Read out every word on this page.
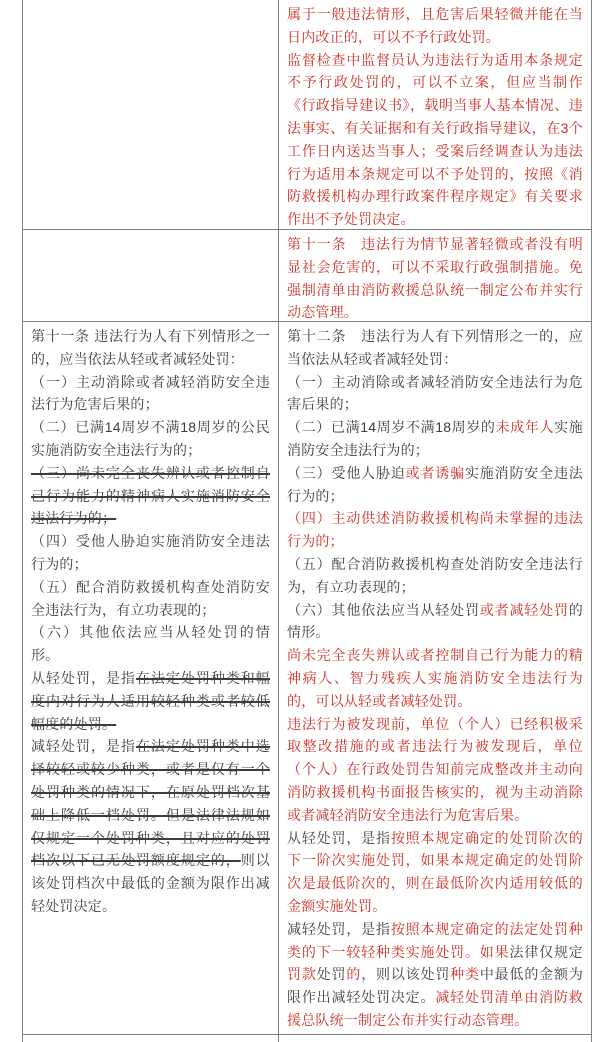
属于一般违法情形，且危害后果轻微并能在当日内改正的，可以不予行政处罚。

监督检查中监督员认为违法行为适用本条规定不予行政处罚的，可以不立案，但应当制作《行政指导建议书》，载明当事人基本情况、违法事实、有关证据和有关行政指导建议，在3个工作日内送达当事人；受案后经调查认为违法行为适用本条规定可以不予处罚的，按照《消防救援机构办理行政案件程序规定》有关要求作出不予处罚决定。

第十一条　违法行为情节显著轻微或者没有明显社会危害的，可以不采取行政强制措施。免强制清单由消防救援总队统一制定公布并实行动态管理。

第十一条 违法行为人有下列情形之一的，应当依法从轻或者减轻处罚：

（一）主动消除或者减轻消防安全违法行为危害后果的；

（二）已满14周岁不满18周岁的公民实施消防安全违法行为的；

（三）尚未完全丧失辨认或者控制自己行为能力的精神病人实施消防安全违法行为的；

（四）受他人胁迫实施消防安全违法行为的；

（五）配合消防救援机构查处消防安全违法行为，有立功表现的；

（六）其他依法应当从轻处罚的情形。

从轻处罚，是指在法定处罚种类和幅度内对行为人适用较轻种类或者较低幅度的处罚。

减轻处罚，是指在法定处罚种类中选择较轻或较少种类，或者是仅有一个处罚种类的情况下，在原处罚档次基础上降低一档处罚。但是法律法规如仅规定一个处罚种类，且对应的处罚档次以下已无处罚额度规定的，则以该处罚档次中最低的金额为限作出减轻处罚决定。

第十二条　违法行为人有下列情形之一的，应当依法从轻或者减轻处罚：

（一）主动消除或者减轻消防安全违法行为危害后果的；

（二）已满14周岁不满18周岁的未成年人实施消防安全违法行为的；

（三）受他人胁迫或者诱骗实施消防安全违法行为的；

（四）主动供述消防救援机构尚未掌握的违法行为的；

（五）配合消防救援机构查处消防安全违法行为，有立功表现的；

（六）其他依法应当从轻处罚或者减轻处罚的情形。

尚未完全丧失辨认或者控制自己行为能力的精神病人、智力残疾人实施消防安全违法行为的，可以从轻或者减轻处罚。

违法行为被发现前，单位（个人）已经积极采取整改措施的或者违法行为被发现后，单位（个人）在行政处罚告知前完成整改并主动向消防救援机构书面报告核实的，视为主动消除或者减轻消防安全违法行为危害后果。

从轻处罚，是指按照本规定确定的处罚阶次的下一阶次实施处罚，如果本规定确定的处罚阶次是最低阶次的，则在最低阶次内适用较低的金额实施处罚。

减轻处罚，是指按照本规定确定的法定处罚种类的下一较轻种类实施处罚。如果法律仅规定罚款处罚的，则以该处罚种类中最低的金额为限作出减轻处罚决定。减轻处罚清单由消防救援总队统一制定公布并实行动态管理。
